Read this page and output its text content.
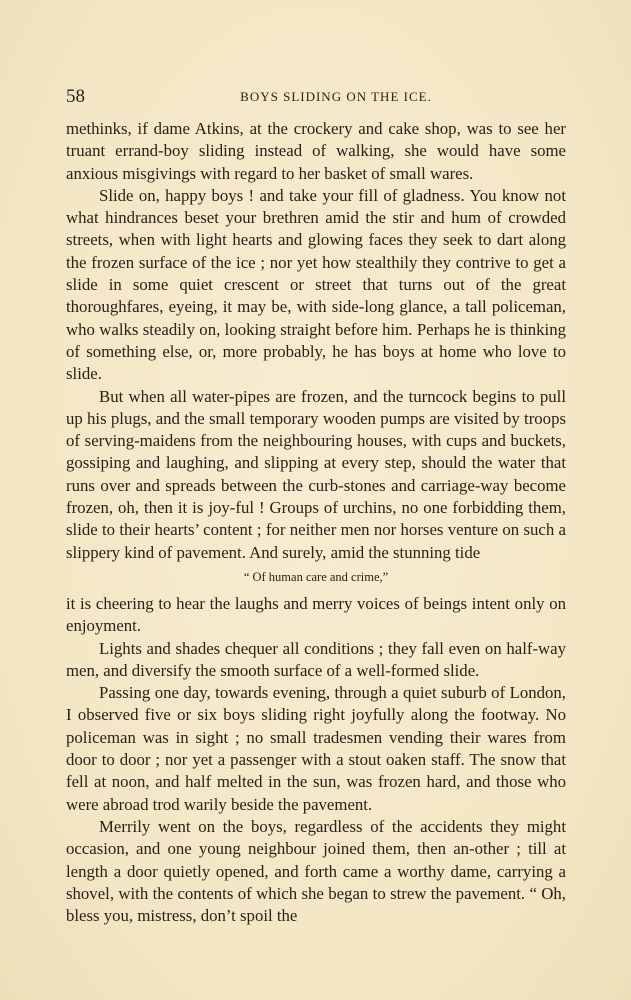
58	BOYS SLIDING ON THE ICE.

methinks, if dame Atkins, at the crockery and cake shop, was to see her truant errand-boy sliding instead of walking, she would have some anxious misgivings with regard to her basket of small wares.

Slide on, happy boys ! and take your fill of gladness. You know not what hindrances beset your brethren amid the stir and hum of crowded streets, when with light hearts and glowing faces they seek to dart along the frozen surface of the ice ; nor yet how stealthily they contrive to get a slide in some quiet crescent or street that turns out of the great thoroughfares, eyeing, it may be, with side-long glance, a tall policeman, who walks steadily on, looking straight before him. Perhaps he is thinking of something else, or, more probably, he has boys at home who love to slide.

But when all water-pipes are frozen, and the turncock begins to pull up his plugs, and the small temporary wooden pumps are visited by troops of serving-maidens from the neighbouring houses, with cups and buckets, gossiping and laughing, and slipping at every step, should the water that runs over and spreads between the curb-stones and carriage-way become frozen, oh, then it is joy-ful ! Groups of urchins, no one forbidding them, slide to their hearts’ content ; for neither men nor horses venture on such a slippery kind of pavement. And surely, amid the stunning tide

“ Of human care and crime,”

it is cheering to hear the laughs and merry voices of beings intent only on enjoyment.

Lights and shades chequer all conditions ; they fall even on half-way men, and diversify the smooth surface of a well-formed slide.

Passing one day, towards evening, through a quiet suburb of London, I observed five or six boys sliding right joyfully along the footway. No policeman was in sight ; no small tradesmen vending their wares from door to door ; nor yet a passenger with a stout oaken staff. The snow that fell at noon, and half melted in the sun, was frozen hard, and those who were abroad trod warily beside the pavement.

Merrily went on the boys, regardless of the accidents they might occasion, and one young neighbour joined them, then an-other ; till at length a door quietly opened, and forth came a worthy dame, carrying a shovel, with the contents of which she began to strew the pavement. “ Oh, bless you, mistress, don’t spoil the
